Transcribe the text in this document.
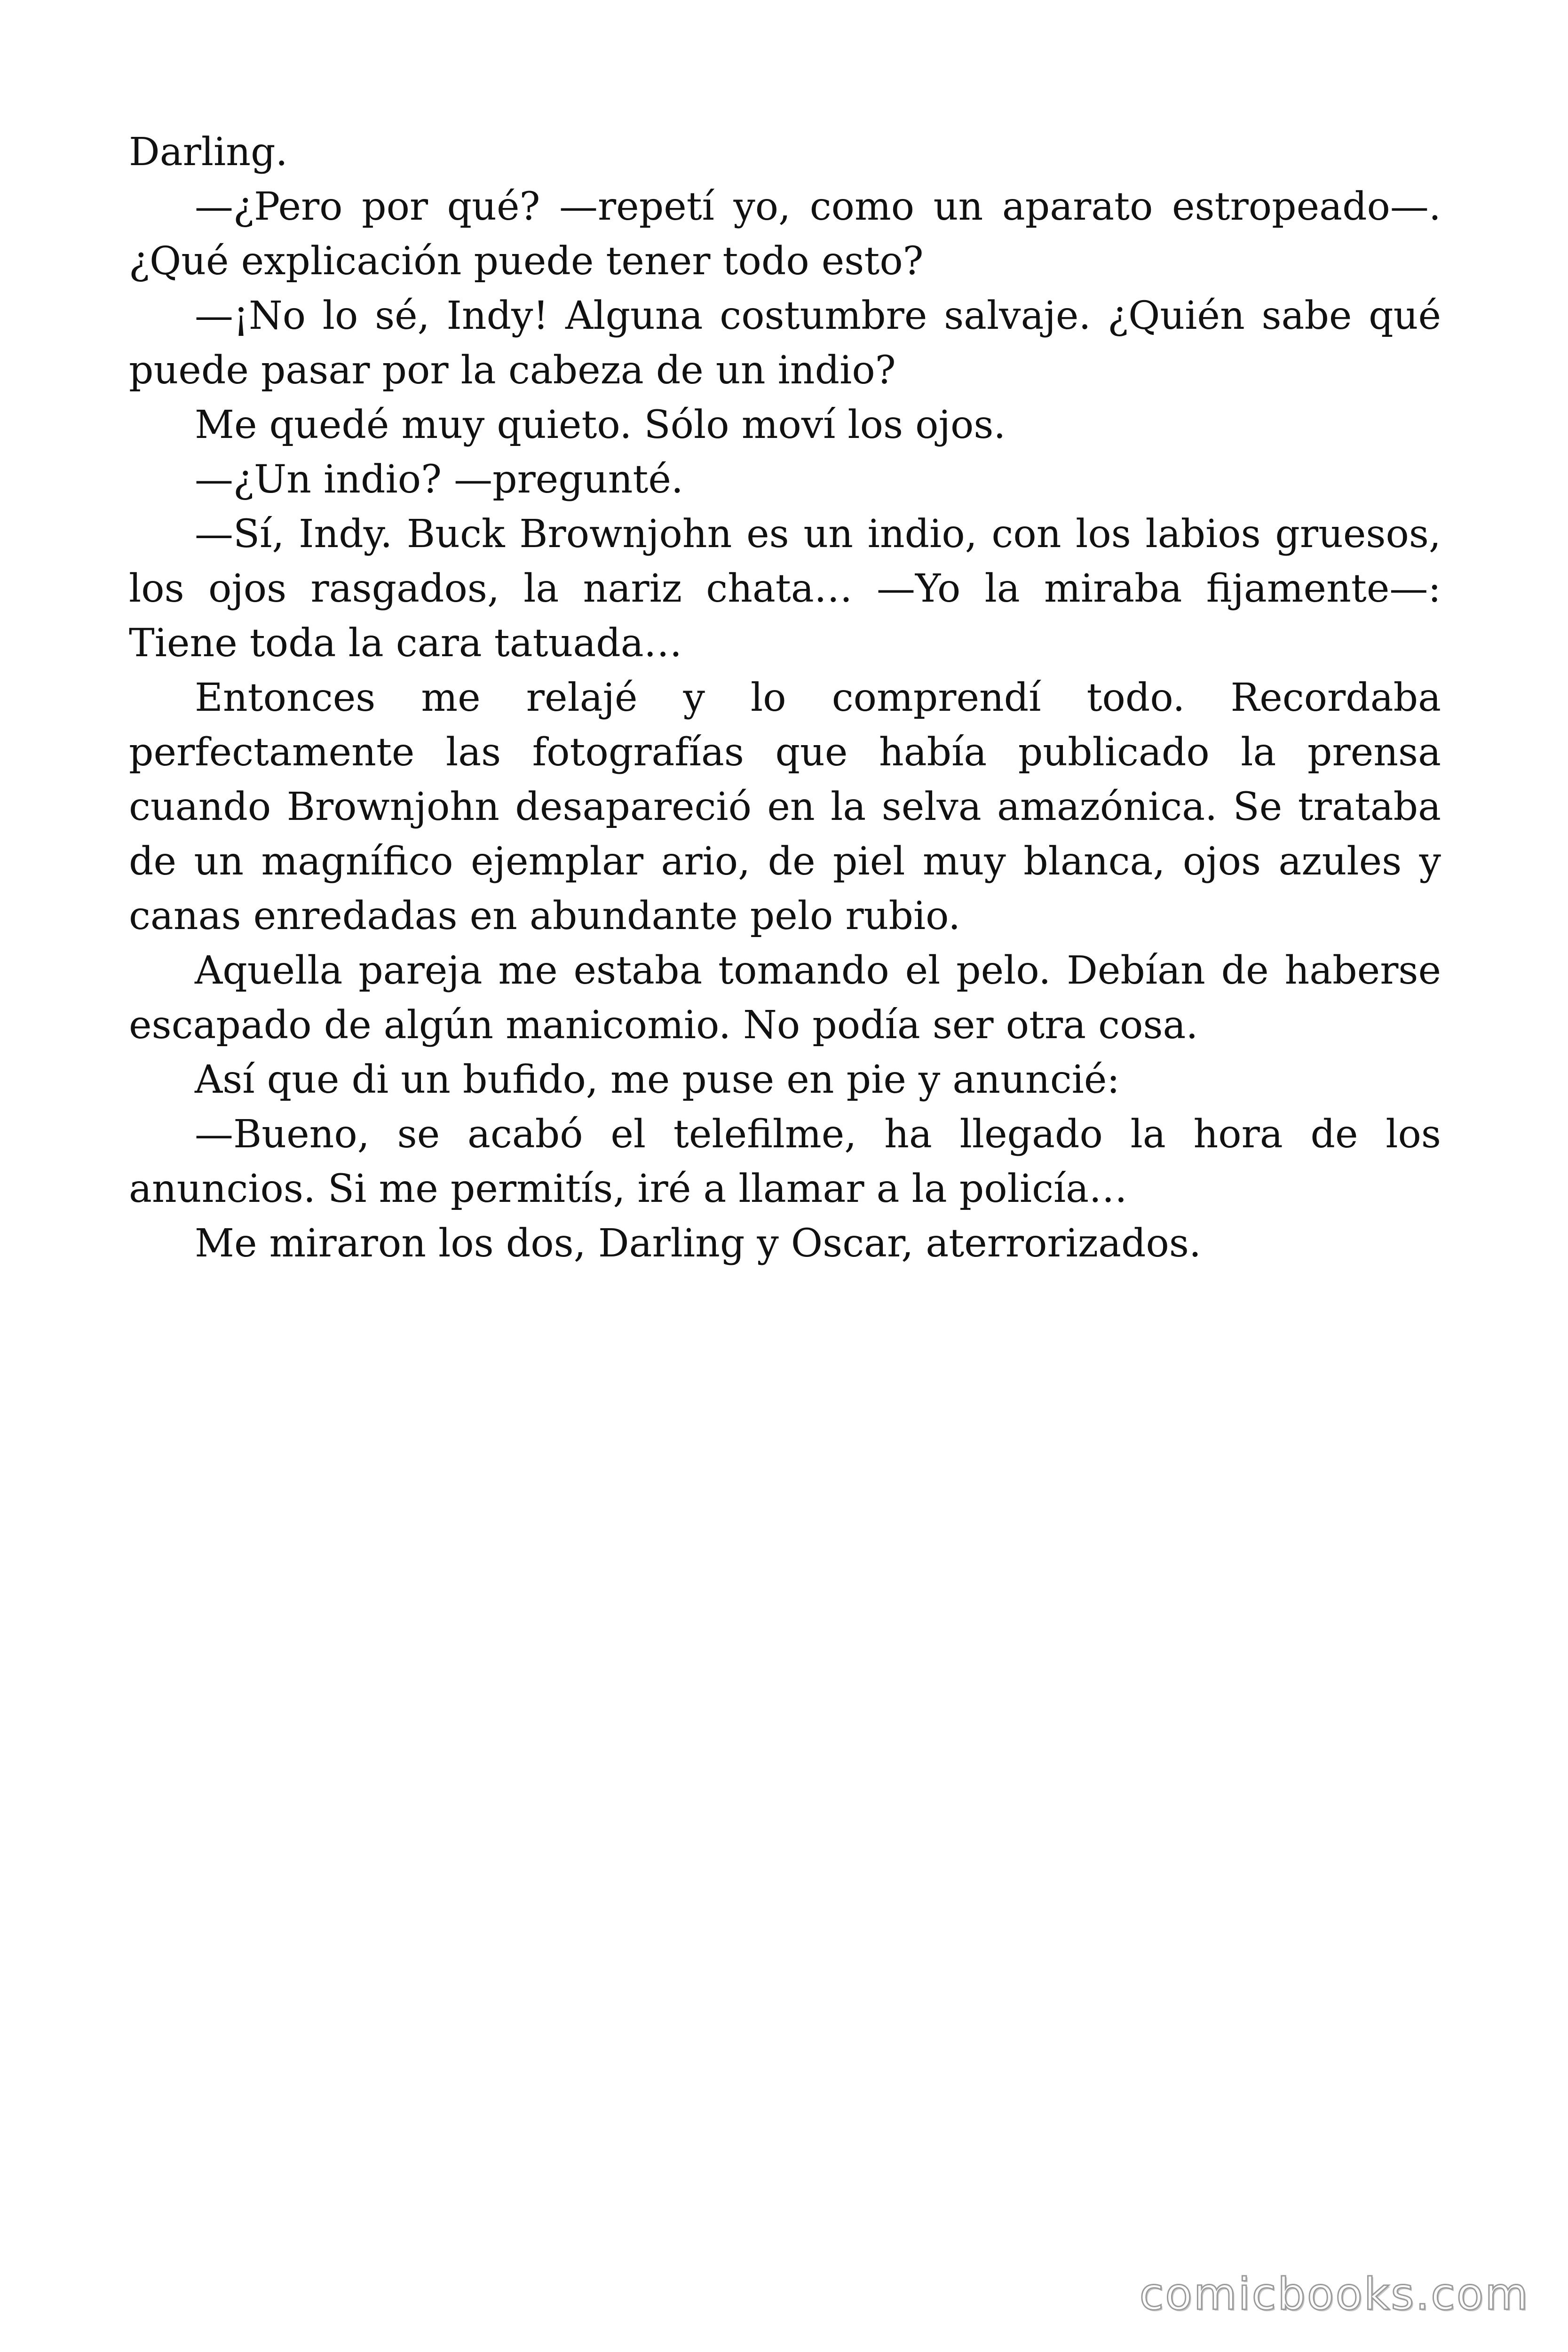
Darling.

—¿Pero por qué? —repetí yo, como un aparato estropeado—. ¿Qué explicación puede tener todo esto?

—¡No lo sé, Indy! Alguna costumbre salvaje. ¿Quién sabe qué puede pasar por la cabeza de un indio?

Me quedé muy quieto. Sólo moví los ojos.

—¿Un indio? —pregunté.

—Sí, Indy. Buck Brownjohn es un indio, con los labios gruesos, los ojos rasgados, la nariz chata… —Yo la miraba fijamente—: Tiene toda la cara tatuada…

Entonces me relajé y lo comprendí todo. Recordaba perfectamente las fotografías que había publicado la prensa cuando Brownjohn desapareció en la selva amazónica. Se trataba de un magnífico ejemplar ario, de piel muy blanca, ojos azules y canas enredadas en abundante pelo rubio.

Aquella pareja me estaba tomando el pelo. Debían de haberse escapado de algún manicomio. No podía ser otra cosa.

Así que di un bufido, me puse en pie y anuncié:

—Bueno, se acabó el telefilme, ha llegado la hora de los anuncios. Si me permitís, iré a llamar a la policía…

Me miraron los dos, Darling y Oscar, aterrorizados.

comicbooks.com
